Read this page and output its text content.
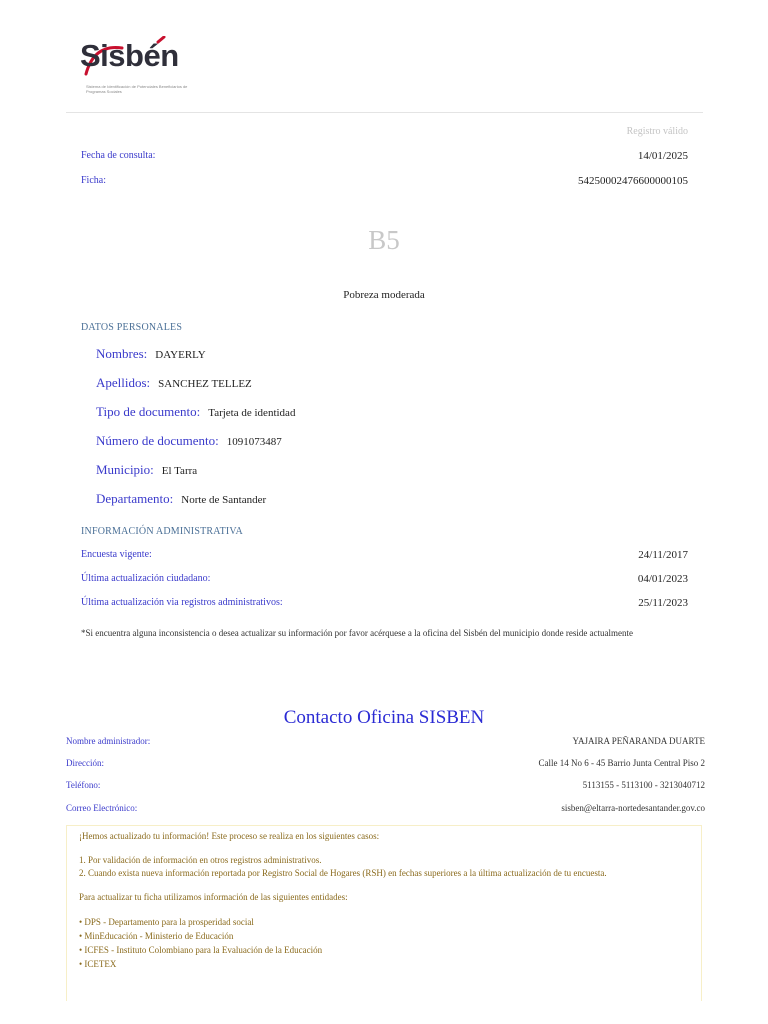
Sisbén
Sistema de Identificación de Potenciales Beneficiarios de Programas Sociales
Registro válido
Fecha de consulta:	14/01/2025
Ficha:	54250002476600000105
B5
Pobreza moderada
DATOS PERSONALES
Nombres: DAYERLY
Apellidos: SANCHEZ TELLEZ
Tipo de documento: Tarjeta de identidad
Número de documento: 1091073487
Municipio: El Tarra
Departamento: Norte de Santander
INFORMACIÓN ADMINISTRATIVA
Encuesta vigente:	24/11/2017
Última actualización ciudadano:	04/01/2023
Última actualización via registros administrativos:	25/11/2023
*Si encuentra alguna inconsistencia o desea actualizar su información por favor acérquese a la oficina del Sisbén del municipio donde reside actualmente
Contacto Oficina SISBEN
Nombre administrador:	YAJAIRA PEÑARANDA DUARTE
Dirección:	Calle 14 No 6 - 45 Barrio Junta Central Piso 2
Teléfono:	5113155 - 5113100 - 3213040712
Correo Electrónico:	sisben@eltarra-nortedesantander.gov.co

¡Hemos actualizado tu información! Este proceso se realiza en los siguientes casos:

1. Por validación de información en otros registros administrativos.
2. Cuando exista nueva información reportada por Registro Social de Hogares (RSH) en fechas superiores a la última actualización de tu encuesta.

Para actualizar tu ficha utilizamos información de las siguientes entidades:

• DPS - Departamento para la prosperidad social
• MinEducación - Ministerio de Educación
• ICFES - Instituto Colombiano para la Evaluación de la Educación
• ICETEX
